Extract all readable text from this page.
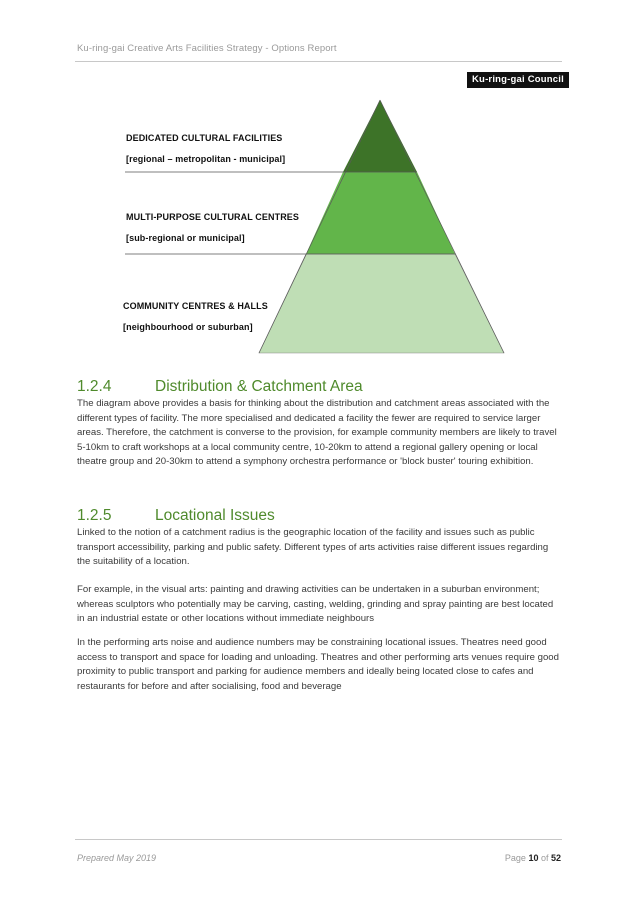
Ku-ring-gai Creative Arts Facilities Strategy - Options Report
Ku-ring-gai Council
DEDICATED CULTURAL FACILITIES
[regional – metropolitan - municipal]
MULTI-PURPOSE CULTURAL CENTRES
[sub-regional or municipal]
COMMUNITY CENTRES & HALLS
[neighbourhood or suburban]
1.2.4	Distribution & Catchment Area

The diagram above provides a basis for thinking about the distribution and catchment areas associated with the different types of facility. The more specialised and dedicated a facility the fewer are required to service larger areas. Therefore, the catchment is converse to the provision, for example community members are likely to travel 5-10km to craft workshops at a local community centre, 10-20km to attend a regional gallery opening or local theatre group and 20-30km to attend a symphony orchestra performance or 'block buster' touring exhibition.

1.2.5	Locational Issues

Linked to the notion of a catchment radius is the geographic location of the facility and issues such as public transport accessibility, parking and public safety. Different types of arts activities raise different issues regarding the suitability of a location.

For example, in the visual arts: painting and drawing activities can be undertaken in a suburban environment; whereas sculptors who potentially may be carving, casting, welding, grinding and spray painting are best located in an industrial estate or other locations without immediate neighbours

In the performing arts noise and audience numbers may be constraining locational issues. Theatres need good access to transport and space for loading and unloading. Theatres and other performing arts venues require good proximity to public transport and parking for audience members and ideally being located close to cafes and restaurants for before and after socialising, food and beverage

Prepared May 2019	Page 10 of 52
